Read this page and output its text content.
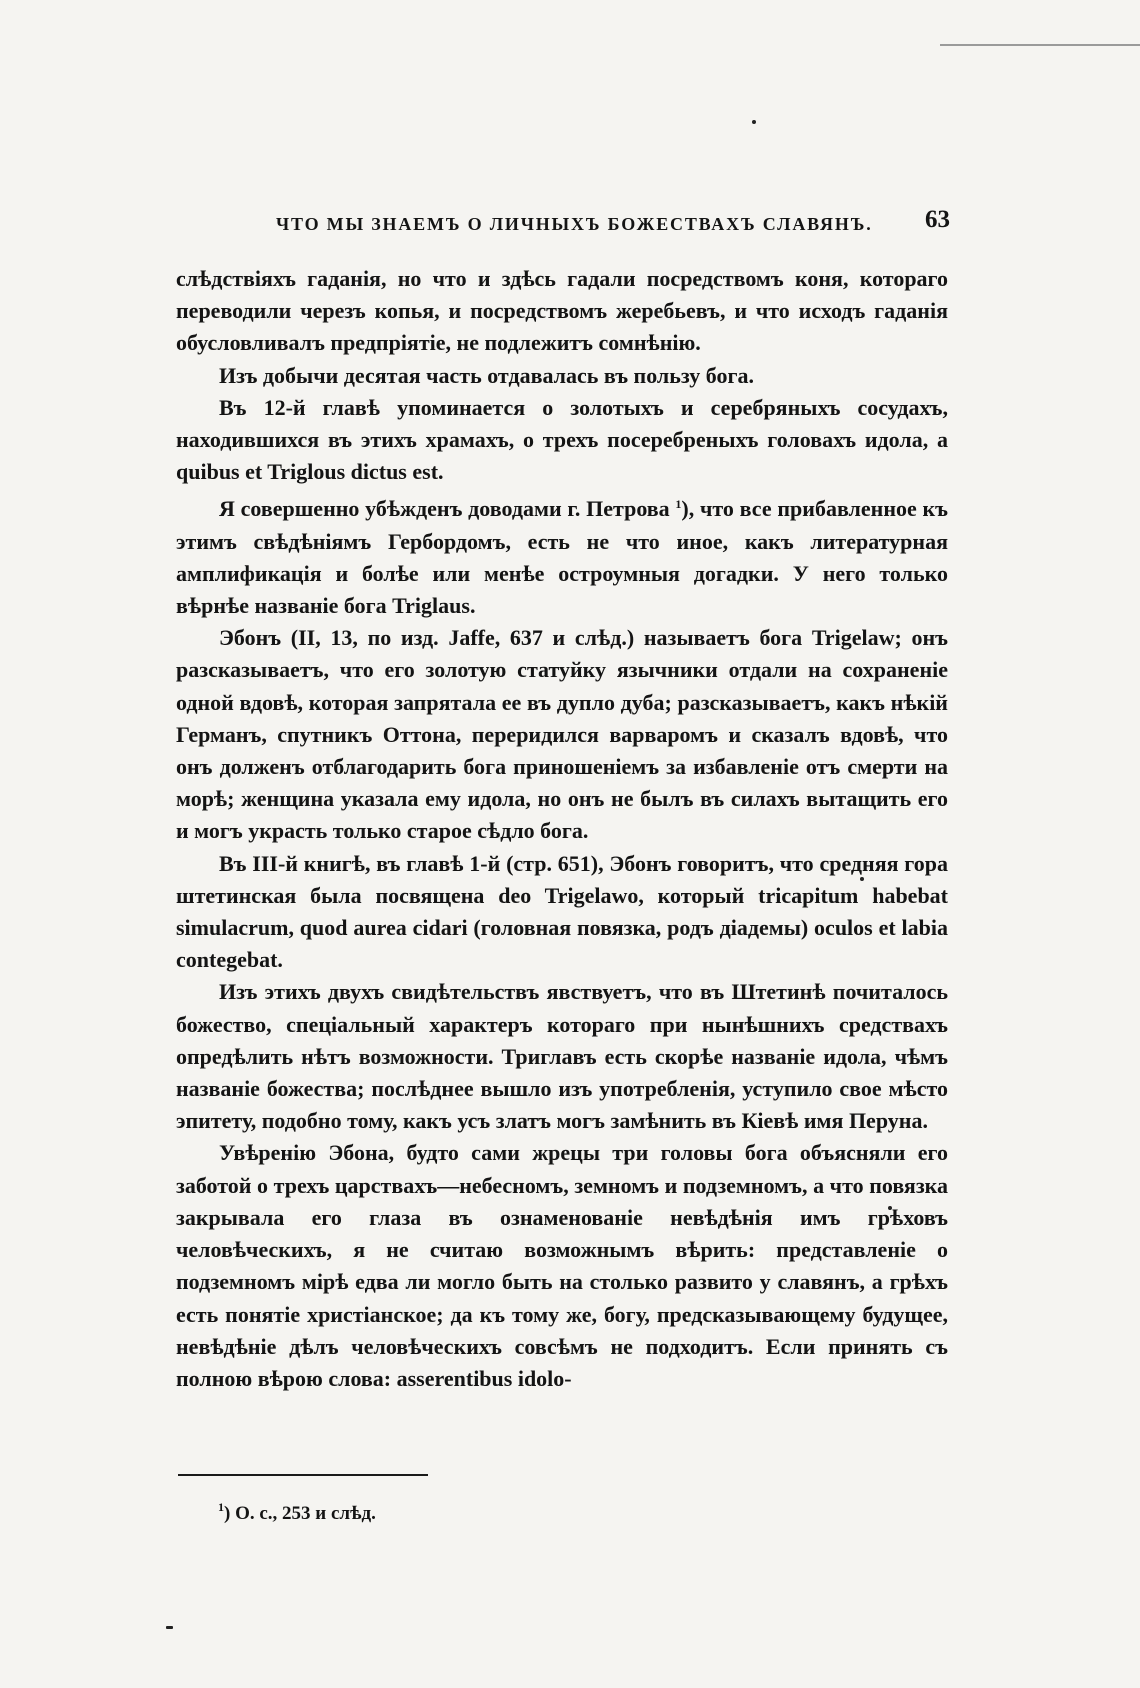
ЧТО МЫ ЗНАЕМЪ О ЛИЧНЫХЪ БОЖЕСТВАХЪ СЛАВЯНЪ. 63

слѣдствіяхъ гаданія, но что и здѣсь гадали посредствомъ коня, котораго переводили черезъ копья, и посредствомъ жеребьевъ, и что исходъ гаданія обусловливалъ предпріятіе, не подлежитъ сомнѣнію.

Изъ добычи десятая часть отдавалась въ пользу бога.

Въ 12-й главѣ упоминается о золотыхъ и серебряныхъ сосудахъ, находившихся въ этихъ храмахъ, о трехъ посеребреныхъ головахъ идола, a quibus et Triglous dictus est.

Я совершенно убѣжденъ доводами г. Петрова $^1$), что все прибавленное къ этимъ свѣдѣніямъ Гербордомъ, есть не что иное, какъ литературная амплификація и болѣе или менѣе остроумныя догадки. У него только вѣрнѣе названіе бога Triglaus.

Эбонъ (II, 13, по изд. Jaffe, 637 и слѣд.) называетъ бога Trigelaw; онъ разсказываетъ, что его золотую статуйку язычники отдали на сохраненіе одной вдовѣ, которая запрятала ее въ дупло дуба; разсказываетъ, какъ нѣкій Германъ, спутникъ Оттона, переридился варваромъ и сказалъ вдовѣ, что онъ долженъ отблагодарить бога приношеніемъ за избавленіе отъ смерти на морѣ; женщина указала ему идола, но онъ не былъ въ силахъ вытащить его и могъ украсть только старое сѣдло бога.

Въ III-й книгѣ, въ главѣ 1-й (стр. 651), Эбонъ говоритъ, что средняя гора штетинская была посвящена deo Trigelawo, который tricapitum habebat simulacrum, quod aurea cidari (головная повязка, родъ діадемы) oculos et labia contegebat.

Изъ этихъ двухъ свидѣтельствъ явствуетъ, что въ Штетинѣ почиталось божество, спеціальный характеръ котораго при нынѣшнихъ средствахъ опредѣлить нѣтъ возможности. Триглавъ есть скорѣе названіе идола, чѣмъ названіе божества; послѣднее вышло изъ употребленія, уступило свое мѣсто эпитету, подобно тому, какъ усъ златъ могъ замѣнить въ Кіевѣ имя Перуна.

Увѣренію Эбона, будто сами жрецы три головы бога объясняли его заботой о трехъ царствахъ—небесномъ, земномъ и подземномъ, а что повязка закрывала его глаза въ ознаменованіе невѣдѣнія имъ грѣховъ человѣческихъ, я не считаю возможнымъ вѣрить: представленіе о подземномъ мірѣ едва ли могло быть на столько развито у славянъ, а грѣхъ есть понятіе христіанское; да къ тому же, богу, предсказывающему будущее, невѣдѣніе дѣлъ человѣческихъ совсѣмъ не подходитъ. Если принять съ полною вѣрою слова: asserentibus idolo-

$^1$) О. с., 253 и слѣд.
